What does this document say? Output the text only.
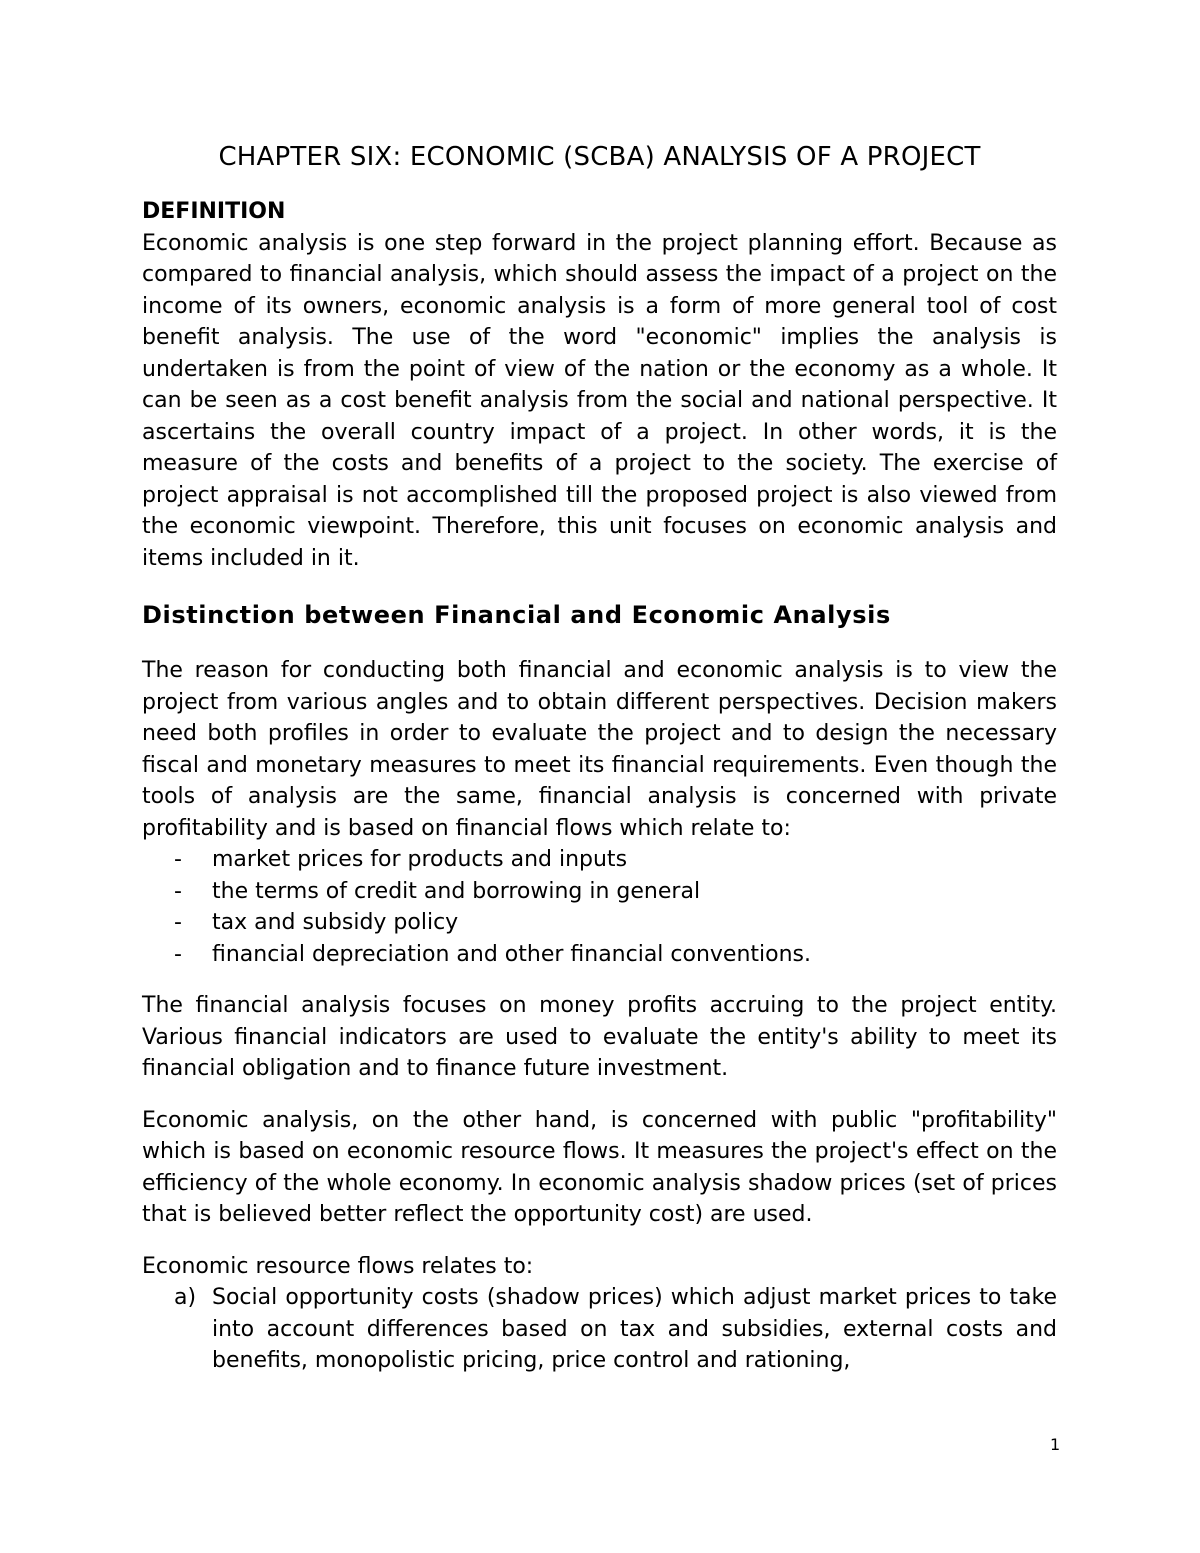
CHAPTER SIX: ECONOMIC (SCBA) ANALYSIS OF A PROJECT
DEFINITION

Economic analysis is one step forward in the project planning effort. Because as compared to financial analysis, which should assess the impact of a project on the income of its owners, economic analysis is a form of more general tool of cost benefit analysis. The use of the word "economic" implies the analysis is undertaken is from the point of view of the nation or the economy as a whole. It can be seen as a cost benefit analysis from the social and national perspective. It ascertains the overall country impact of a project. In other words, it is the measure of the costs and benefits of a project to the society. The exercise of project appraisal is not accomplished till the proposed project is also viewed from the economic viewpoint. Therefore, this unit focuses on economic analysis and items included in it.

Distinction between Financial and Economic Analysis

The reason for conducting both financial and economic analysis is to view the project from various angles and to obtain different perspectives. Decision makers need both profiles in order to evaluate the project and to design the necessary fiscal and monetary measures to meet its financial requirements. Even though the tools of analysis are the same, financial analysis is concerned with private profitability and is based on financial flows which relate to:

- market prices for products and inputs
- the terms of credit and borrowing in general
- tax and subsidy policy
- financial depreciation and other financial conventions.

The financial analysis focuses on money profits accruing to the project entity. Various financial indicators are used to evaluate the entity's ability to meet its financial obligation and to finance future investment.

Economic analysis, on the other hand, is concerned with public "profitability" which is based on economic resource flows. It measures the project's effect on the efficiency of the whole economy. In economic analysis shadow prices (set of prices that is believed better reflect the opportunity cost) are used.

Economic resource flows relates to:

a) Social opportunity costs (shadow prices) which adjust market prices to take into account differences based on tax and subsidies, external costs and benefits, monopolistic pricing, price control and rationing,
1
